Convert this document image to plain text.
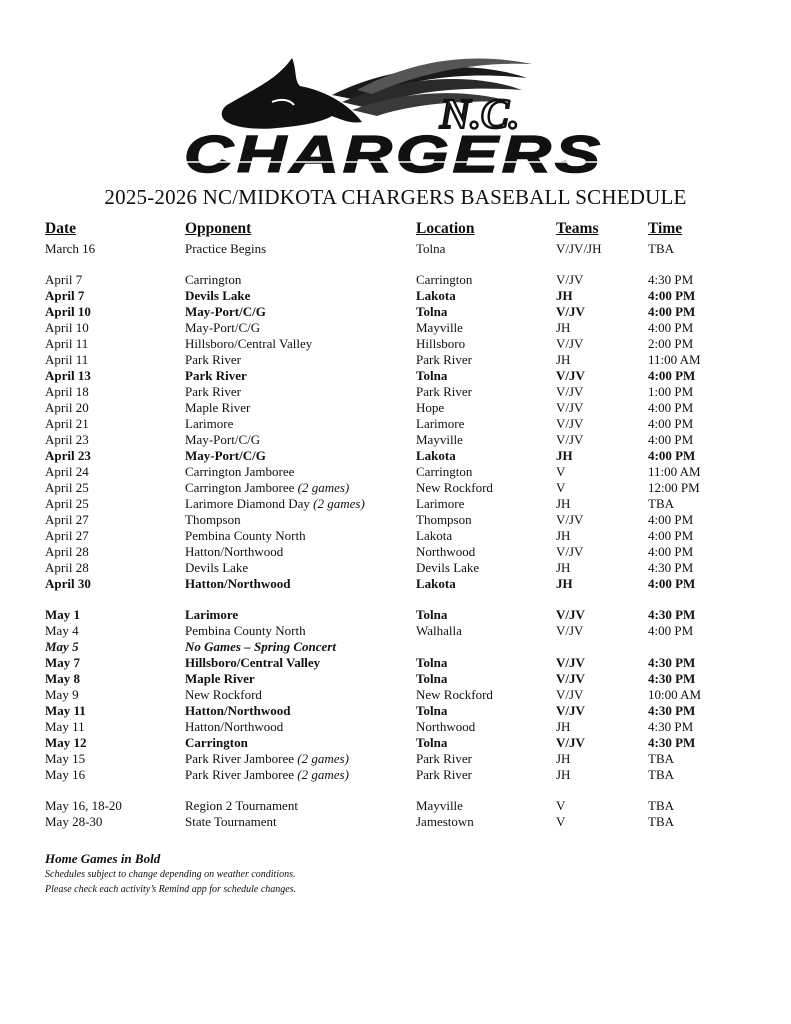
N.C.
CHARGERS
2025-2026 NC/MIDKOTA CHARGERS BASEBALL SCHEDULE
Date	Opponent	Location	Teams	Time
March 16	Practice Begins	Tolna	V/JV/JH	TBA
April 7	Carrington	Carrington	V/JV	4:30 PM
April 7	Devils Lake	Lakota	JH	4:00 PM
April 10	May-Port/C/G	Tolna	V/JV	4:00 PM
April 10	May-Port/C/G	Mayville	JH	4:00 PM
April 11	Hillsboro/Central Valley	Hillsboro	V/JV	2:00 PM
April 11	Park River	Park River	JH	11:00 AM
April 13	Park River	Tolna	V/JV	4:00 PM
April 18	Park River	Park River	V/JV	1:00 PM
April 20	Maple River	Hope	V/JV	4:00 PM
April 21	Larimore	Larimore	V/JV	4:00 PM
April 23	May-Port/C/G	Mayville	V/JV	4:00 PM
April 23	May-Port/C/G	Lakota	JH	4:00 PM
April 24	Carrington Jamboree	Carrington	V	11:00 AM
April 25	Carrington Jamboree (2 games)	New Rockford	V	12:00 PM
April 25	Larimore Diamond Day (2 games)	Larimore	JH	TBA
April 27	Thompson	Thompson	V/JV	4:00 PM
April 27	Pembina County North	Lakota	JH	4:00 PM
April 28	Hatton/Northwood	Northwood	V/JV	4:00 PM
April 28	Devils Lake	Devils Lake	JH	4:30 PM
April 30	Hatton/Northwood	Lakota	JH	4:00 PM
May 1	Larimore	Tolna	V/JV	4:30 PM
May 4	Pembina County North	Walhalla	V/JV	4:00 PM
May 5	No Games – Spring Concert
May 7	Hillsboro/Central Valley	Tolna	V/JV	4:30 PM
May 8	Maple River	Tolna	V/JV	4:30 PM
May 9	New Rockford	New Rockford	V/JV	10:00 AM
May 11	Hatton/Northwood	Tolna	V/JV	4:30 PM
May 11	Hatton/Northwood	Northwood	JH	4:30 PM
May 12	Carrington	Tolna	V/JV	4:30 PM
May 15	Park River Jamboree (2 games)	Park River	JH	TBA
May 16	Park River Jamboree (2 games)	Park River	JH	TBA
May 16, 18-20	Region 2 Tournament	Mayville	V	TBA
May 28-30	State Tournament	Jamestown	V	TBA
Home Games in Bold
Schedules subject to change depending on weather conditions.
Please check each activity’s Remind app for schedule changes.
